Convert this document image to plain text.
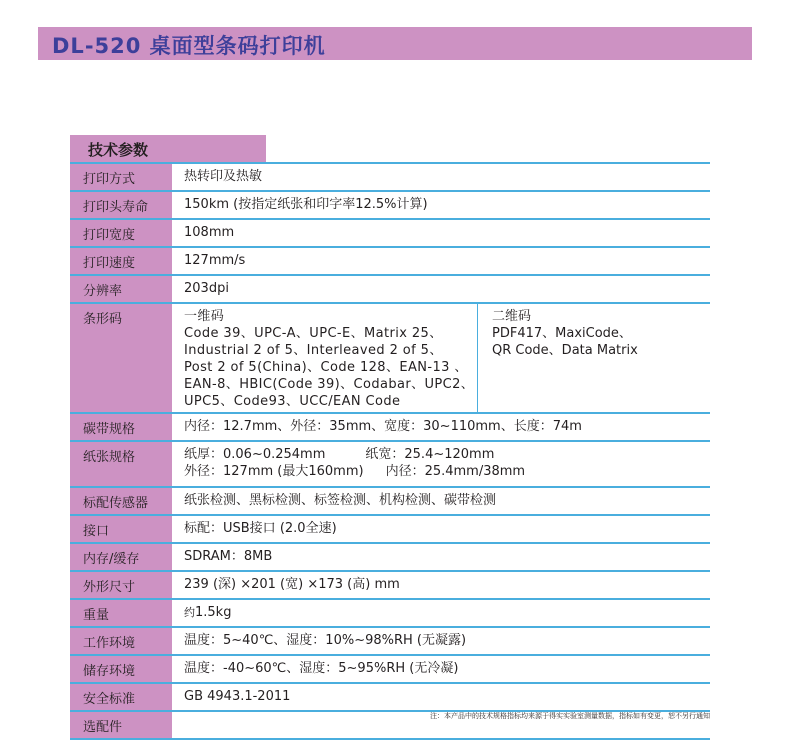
DL-520 桌面型条码打印机
技术参数
打印方式	热转印及热敏
打印头寿命	150km (按指定纸张和印字率12.5%计算)
打印宽度	108mm
打印速度	127mm/s
分辨率	203dpi
条形码	一维码
Code 39、UPC-A、UPC-E、Matrix 25、
Industrial 2 of 5、Interleaved 2 of 5、
Post 2 of 5(China)、Code 128、EAN-13 、
EAN-8、HBIC(Code 39)、Codabar、UPC2、
UPC5、Code93、UCC/EAN Code
二维码
PDF417、MaxiCode、
QR Code、Data Matrix
碳带规格	内径：12.7mm、外径：35mm、宽度：30~110mm、长度：74m
纸张规格	纸厚：0.06~0.254mm	纸宽：25.4~120mm
外径：127mm (最大160mm) 内径：25.4mm/38mm
标配传感器	纸张检测、黑标检测、标签检测、机构检测、碳带检测
接口	标配：USB接口 (2.0全速)
内存/缓存	SDRAM：8MB
外形尺寸	239 (深) ×201 (宽) ×173 (高) mm
重量	约1.5kg
工作环境	温度：5~40℃、湿度：10%~98%RH (无凝露)
储存环境	温度：-40~60℃、湿度：5~95%RH (无冷凝)
安全标准	GB 4943.1-2011
选配件
注：本产品中的技术规格指标均来源于得实实验室测量数据，指标如有变更，恕不另行通知
